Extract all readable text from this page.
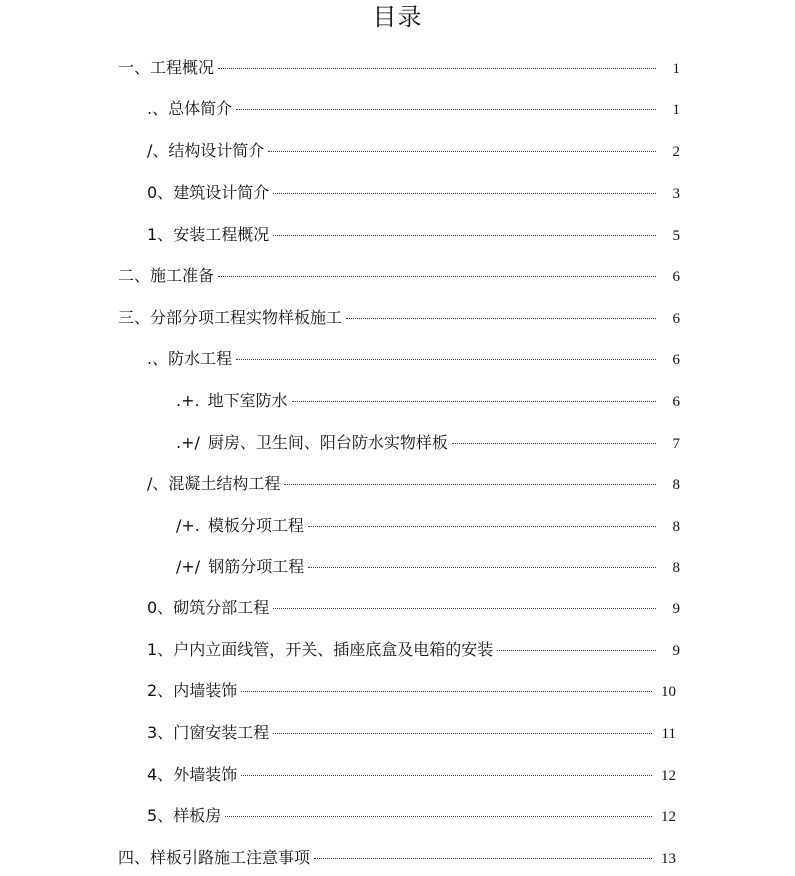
目录
一、 工程概况	1
.、 总体简介	1
/、 结构设计简介	2
0、 建筑设计简介	3
1、 安装工程概况	5
二、 施工准备	6
三、 分部分项工程实物样板施工	6
.、 防水工程	6
.+. 地下室防水	6
.+/ 厨房、卫生间、阳台防水实物样板	7
/、 混凝土结构工程	8
/+. 模板分项工程	8
/+/ 钢筋分项工程	8
0、 砌筑分部工程	9
1、 户内立面线管，开关、插座底盒及电箱的安装	9
2、 内墙装饰	10
3、 门窗安装工程	11
4、 外墙装饰	12
5、 样板房	12
四、 样板引路施工注意事项	13
